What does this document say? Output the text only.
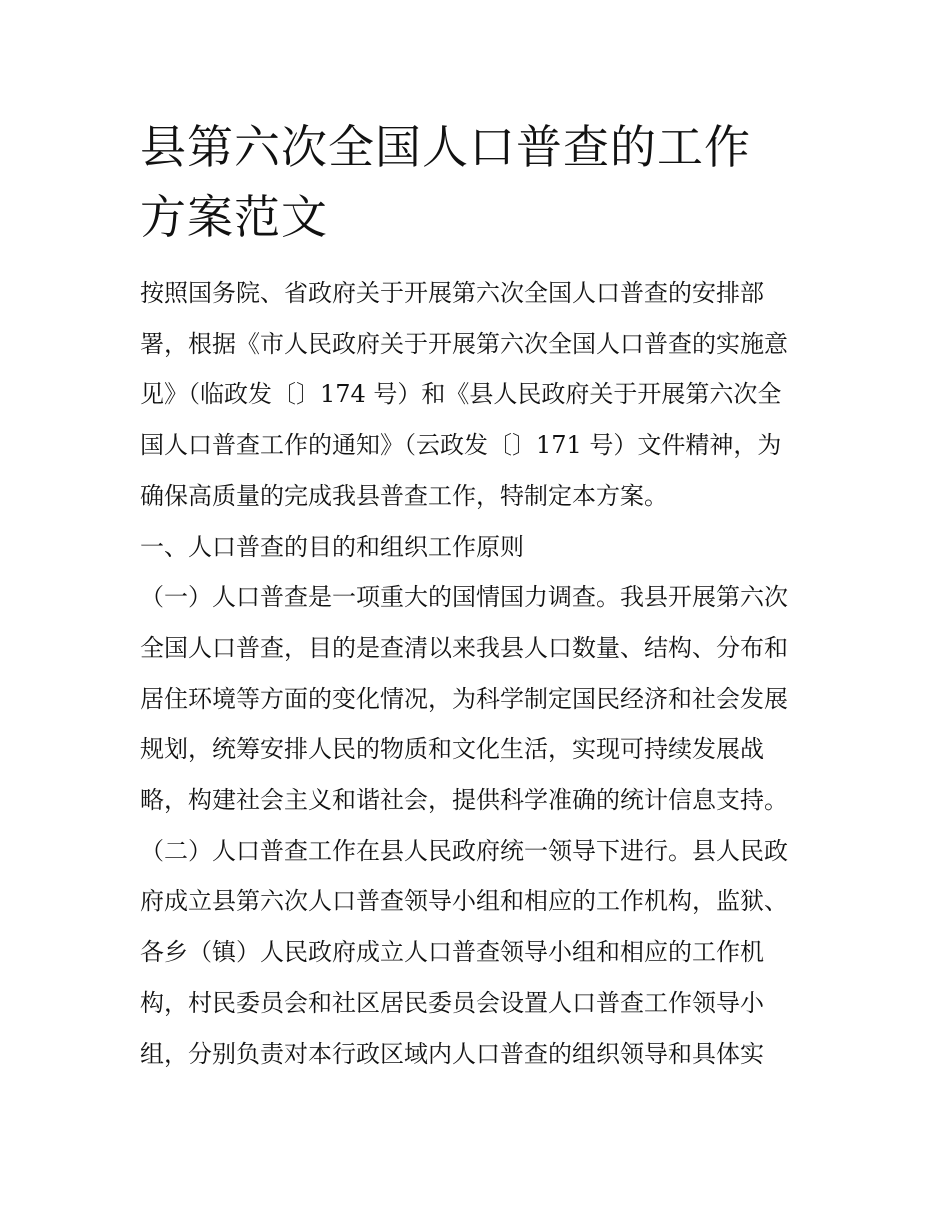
县第六次全国人口普查的工作
方案范文

按照国务院、省政府关于开展第六次全国人口普查的安排部
署，根据《市人民政府关于开展第六次全国人口普查的实施意
见》（临政发〔〕174 号）和《县人民政府关于开展第六次全
国人口普查工作的通知》（云政发〔〕171 号）文件精神，为
确保高质量的完成我县普查工作，特制定本方案。

一、人口普查的目的和组织工作原则

（一）人口普查是一项重大的国情国力调查。我县开展第六次
全国人口普查，目的是查清以来我县人口数量、结构、分布和
居住环境等方面的变化情况，为科学制定国民经济和社会发展
规划，统筹安排人民的物质和文化生活，实现可持续发展战
略，构建社会主义和谐社会，提供科学准确的统计信息支持。

（二）人口普查工作在县人民政府统一领导下进行。县人民政
府成立县第六次人口普查领导小组和相应的工作机构，监狱、
各乡（镇）人民政府成立人口普查领导小组和相应的工作机
构，村民委员会和社区居民委员会设置人口普查工作领导小
组，分别负责对本行政区域内人口普查的组织领导和具体实
